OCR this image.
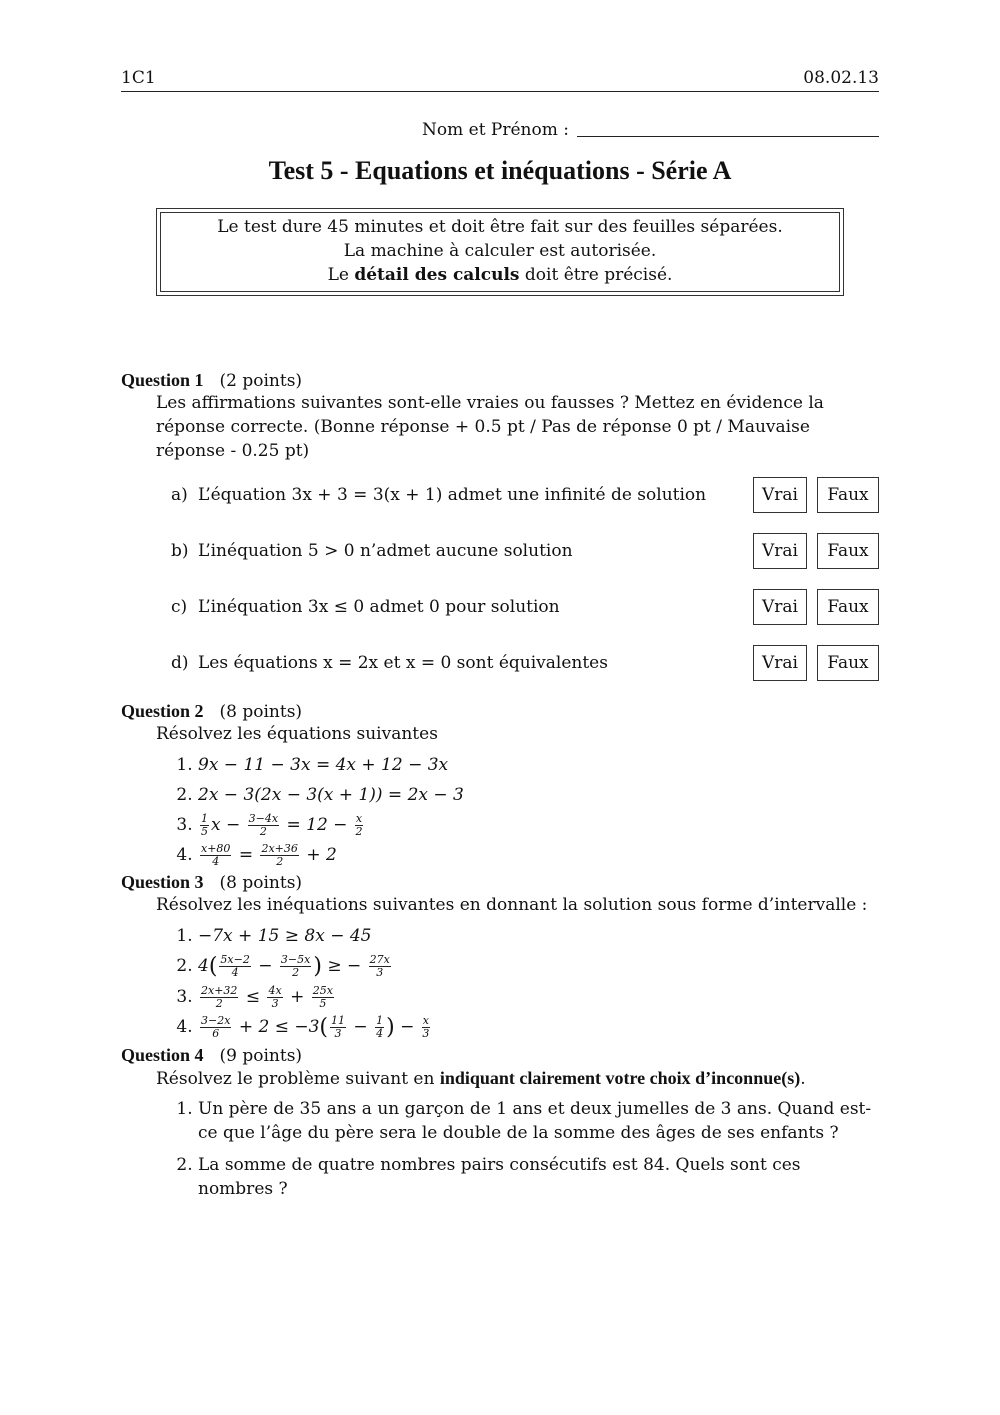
1C1	08.02.13
Nom et Prénom :
Test 5 - Equations et inéquations - Série A
Le test dure 45 minutes et doit être fait sur des feuilles séparées.
La machine à calculer est autorisée.
Le détail des calculs doit être précisé.
Question 1 (2 points)
Les affirmations suivantes sont-elle vraies ou fausses ? Mettez en évidence la réponse correcte. (Bonne réponse + 0.5 pt / Pas de réponse 0 pt / Mauvaise réponse - 0.25 pt)
a) L’équation 3x + 3 = 3(x + 1) admet une infinité de solution	Vrai	Faux
b) L’inéquation 5 > 0 n’admet aucune solution	Vrai	Faux
c) L’inéquation 3x ≤ 0 admet 0 pour solution	Vrai	Faux
d) Les équations x = 2x et x = 0 sont équivalentes	Vrai	Faux
Question 2 (8 points)
Résolvez les équations suivantes
1. 9x − 11 − 3x = 4x + 12 − 3x
2. 2x − 3(2x − 3(x + 1)) = 2x − 3
3. $\frac{1}{5}$ $x - \frac{3-4x}{2} = 12 - \frac{x}{2}$
4. $\frac{x+80}{4} = \frac{2x+36}{2} + 2$
Question 3 (8 points)
Résolvez les inéquations suivantes en donnant la solution sous forme d’intervalle :
1. −7x + 15 ≥ 8x − 45
2. $4( \frac{5x-2}{4} - \frac{3-5x}{2}$ ) ≥ − $\frac{27x}{3}$
3. $\frac{2x+32}{2} \le \frac{4x}{3} + \frac{25x}{5}$
4. $\frac{3-2x}{6} + 2 \le -3( \frac{11}{3} - \frac{1}{4}$ ) − $\frac{x}{3}$
Question 4 (9 points)
Résolvez le problème suivant en indiquant clairement votre choix d’inconnue(s).
1. Un père de 35 ans a un garçon de 1 ans et deux jumelles de 3 ans. Quand est-ce que l’âge du père sera le double de la somme des âges de ses enfants ?
2. La somme de quatre nombres pairs consécutifs est 84. Quels sont ces nombres ?
